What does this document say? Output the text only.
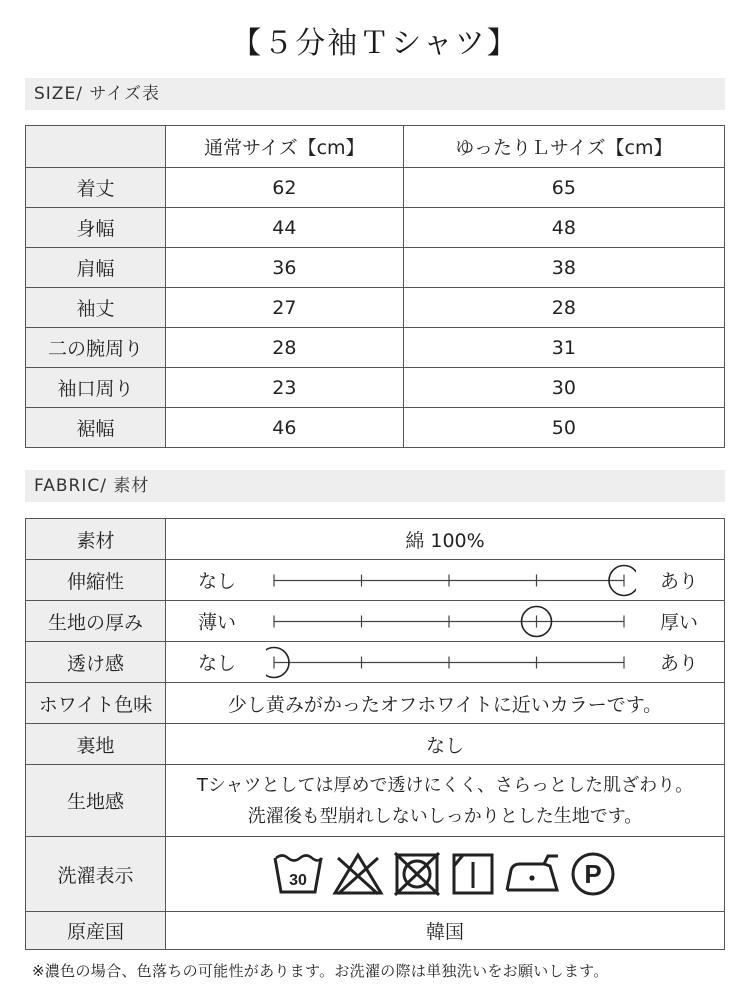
【５分袖Ｔシャツ】
SIZE/ サイズ表
	通常サイズ【cm】	ゆったりＬサイズ【cm】
着丈	62	65
身幅	44	48
肩幅	36	38
袖丈	27	28
二の腕周り	28	31
袖口周り	23	30
裾幅	46	50
FABRIC/ 素材
素材	綿 100%
伸縮性	なし あり

生地の厚み	薄い 厚い

透け感	なし あり

ホワイト色味	少し黄みがかったオフホワイトに近いカラーです。
裏地	なし
生地感	Tシャツとしては厚めで透けにくく、さらっとした肌ざわり。
洗濯後も型崩れしないしっかりとした生地です。

洗濯表示	30 P

原産国	韓国
※濃色の場合、色落ちの可能性があります。お洗濯の際は単独洗いをお願いします。
